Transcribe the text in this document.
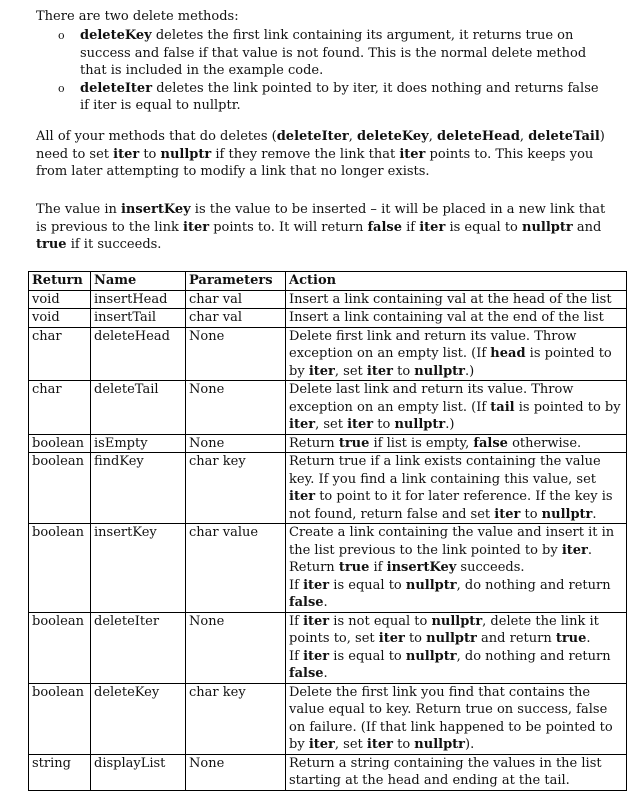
There are two delete methods:

o deleteKey deletes the first link containing its argument, it returns true on success and false if that value is not found. This is the normal delete method that is included in the example code.
o deleteIter deletes the link pointed to by iter, it does nothing and returns false if iter is equal to nullptr.

All of your methods that do deletes (deleteIter, deleteKey, deleteHead, deleteTail) need to set iter to nullptr if they remove the link that iter points to. This keeps you from later attempting to modify a link that no longer exists.

The value in insertKey is the value to be inserted – it will be placed in a new link that is previous to the link iter points to. It will return false if iter is equal to nullptr and true if it succeeds.

Return	Name	Parameters	Action
void	insertHead	char val	Insert a link containing val at the head of the list
void	insertTail	char val	Insert a link containing val at the end of the list
char	deleteHead	None	Delete first link and return its value. Throw exception on an empty list. (If head is pointed to by iter, set iter to nullptr.)
char	deleteTail	None	Delete last link and return its value. Throw exception on an empty list. (If tail is pointed to by iter, set iter to nullptr.)
boolean	isEmpty	None	Return true if list is empty, false otherwise.
boolean	findKey	char key	Return true if a link exists containing the value key. If you find a link containing this value, set iter to point to it for later reference. If the key is not found, return false and set iter to nullptr.
boolean	insertKey	char value	Create a link containing the value and insert it in the list previous to the link pointed to by iter. Return true if insertKey succeeds.
If iter is equal to nullptr, do nothing and return false.

boolean	deleteIter	None	If iter is not equal to nullptr, delete the link it points to, set iter to nullptr and return true.
If iter is equal to nullptr, do nothing and return false.

boolean	deleteKey	char key	Delete the first link you find that contains the value equal to key. Return true on success, false on failure. (If that link happened to be pointed to by iter, set iter to nullptr).
string	displayList	None	Return a string containing the values in the list starting at the head and ending at the tail.
